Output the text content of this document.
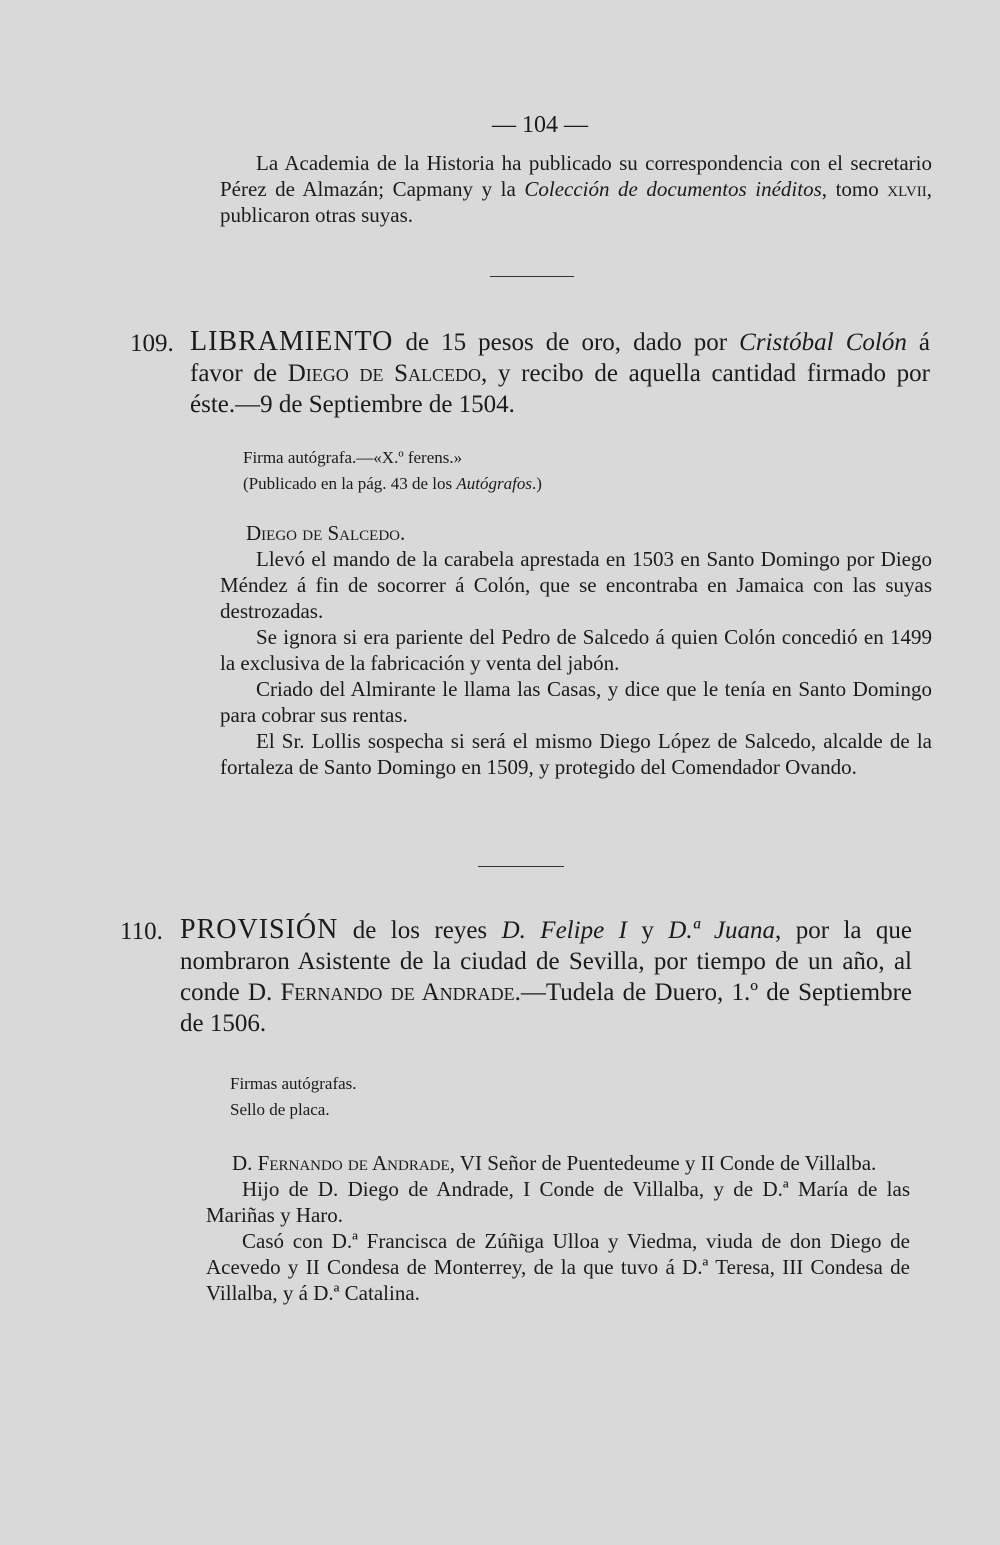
— 104 —

La Academia de la Historia ha publicado su correspondencia con el secretario Pérez de Almazán; Capmany y la Colección de documentos inéditos, tomo xlvii, publicaron otras suyas.

109. LIBRAMIENTO de 15 pesos de oro, dado por Cristóbal Colón á favor de Diego de Salcedo, y recibo de aquella cantidad firmado por éste.—9 de Septiembre de 1504.
Firma autógrafa.—«X.º ferens.»
(Publicado en la pág. 43 de los Autógrafos.)

Diego de Salcedo.

Llevó el mando de la carabela aprestada en 1503 en Santo Domingo por Diego Méndez á fin de socorrer á Colón, que se encontraba en Jamaica con las suyas destrozadas.

Se ignora si era pariente del Pedro de Salcedo á quien Colón concedió en 1499 la exclusiva de la fabricación y venta del jabón.

Criado del Almirante le llama las Casas, y dice que le tenía en Santo Domingo para cobrar sus rentas.

El Sr. Lollis sospecha si será el mismo Diego López de Salcedo, alcalde de la fortaleza de Santo Domingo en 1509, y protegido del Comendador Ovando.

110. PROVISIÓN de los reyes D. Felipe I y D.ª Juana, por la que nombraron Asistente de la ciudad de Sevilla, por tiempo de un año, al conde D. Fernando de Andrade.—Tudela de Duero, 1.º de Septiembre de 1506.
Firmas autógrafas.
Sello de placa.

D. Fernando de Andrade, VI Señor de Puentedeume y II Conde de Villalba.

Hijo de D. Diego de Andrade, I Conde de Villalba, y de D.ª María de las Mariñas y Haro.

Casó con D.ª Francisca de Zúñiga Ulloa y Viedma, viuda de don Diego de Acevedo y II Condesa de Monterrey, de la que tuvo á D.ª Teresa, III Condesa de Villalba, y á D.ª Catalina.
